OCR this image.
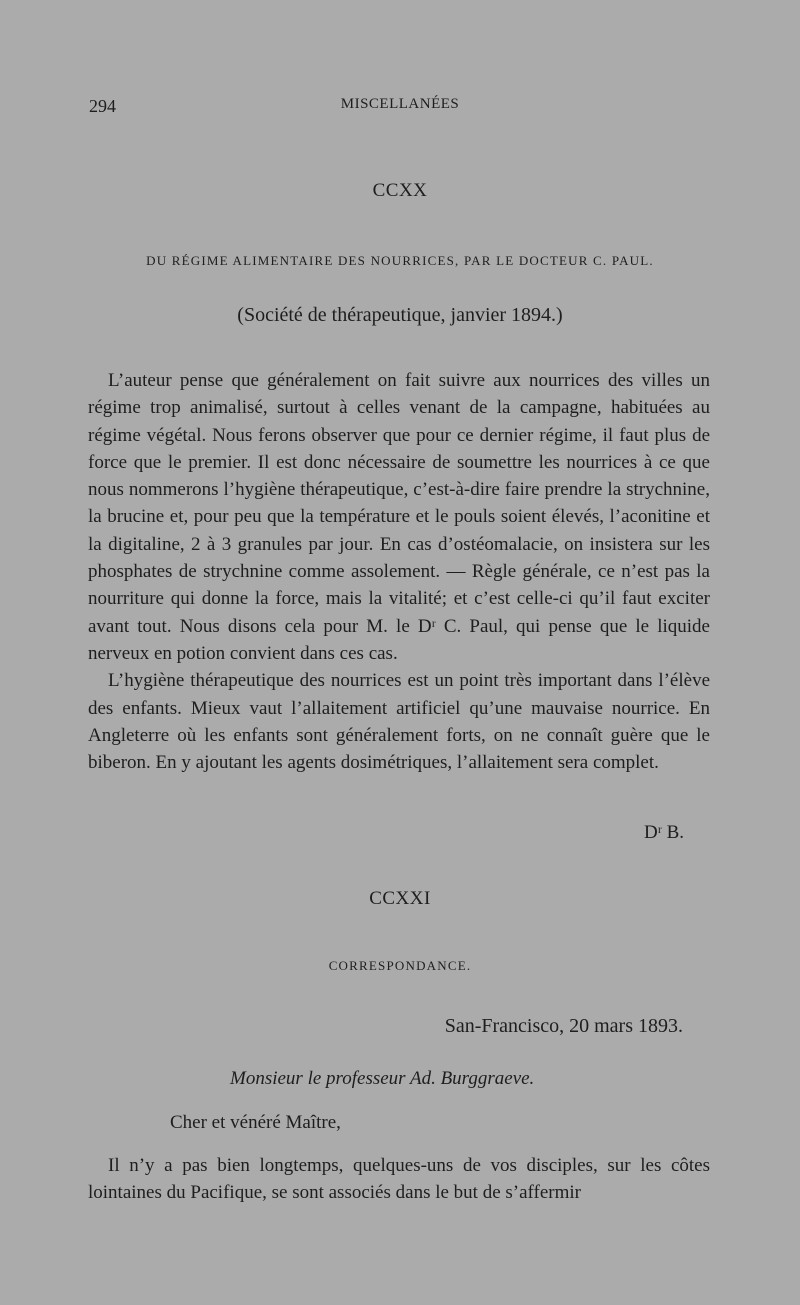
294	MISCELLANÉES
CCXX
DU RÉGIME ALIMENTAIRE DES NOURRICES, PAR LE DOCTEUR C. PAUL.
(Société de thérapeutique, janvier 1894.)

L’auteur pense que généralement on fait suivre aux nourrices des villes un régime trop animalisé, surtout à celles venant de la campagne, habituées au régime végétal. Nous ferons observer que pour ce dernier régime, il faut plus de force que le premier. Il est donc nécessaire de soumettre les nourrices à ce que nous nommerons l’hygiène thérapeutique, c’est-à-dire faire prendre la strychnine, la brucine et, pour peu que la température et le pouls soient élevés, l’aconitine et la digitaline, 2 à 3 granules par jour. En cas d’ostéomalacie, on insistera sur les phosphates de strychnine comme assolement. — Règle générale, ce n’est pas la nourriture qui donne la force, mais la vitalité; et c’est celle-ci qu’il faut exciter avant tout. Nous disons cela pour M. le Dʳ C. Paul, qui pense que le liquide nerveux en potion convient dans ces cas.

L’hygiène thérapeutique des nourrices est un point très important dans l’élève des enfants. Mieux vaut l’allaitement artificiel qu’une mauvaise nourrice. En Angleterre où les enfants sont généralement forts, on ne connaît guère que le biberon. En y ajoutant les agents dosimétriques, l’allaitement sera complet.

Dʳ B.
CCXXI
CORRESPONDANCE.
San-Francisco, 20 mars 1893.
Monsieur le professeur Ad. Burggraeve.
Cher et vénéré Maître,

Il n’y a pas bien longtemps, quelques-uns de vos disciples, sur les côtes lointaines du Pacifique, se sont associés dans le but de s’affermir
